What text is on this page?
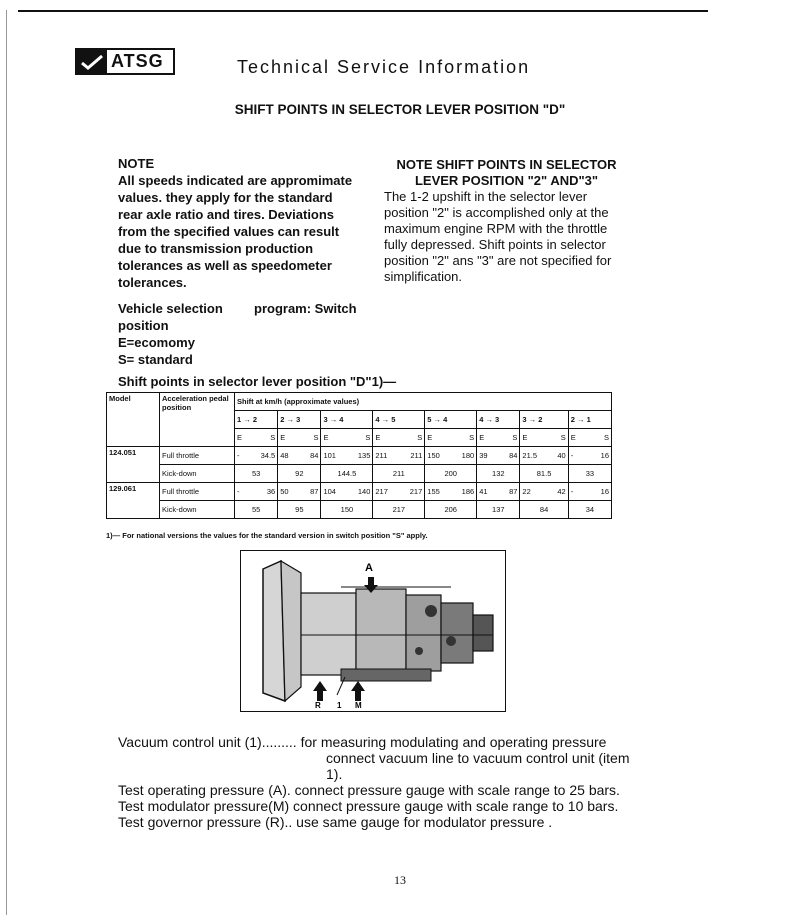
ATSG	Technical Service Information
SHIFT POINTS IN SELECTOR LEVER POSITION "D"
NOTE
All speeds indicated are appromimate
values. they apply for the standard
rear axle ratio and tires. Deviations
from the specified values can result
due to transmission production
tolerances as well as speedometer
tolerances.
NOTE SHIFT POINTS IN SELECTOR
LEVER POSITION "2" AND"3"
The 1-2 upshift in the selector lever
position "2" is accomplished only at the
maximum engine RPM with the throttle
fully depressed. Shift points in selector
position "2" ans "3" are not specified for
simplification.
Vehicle selection	program: Switch
position
E=ecomomy
S= standard
Shift points in selector lever position "D"1)—
Model	Acceleration pedal position	Shift at km/h (approximate values)							
		1 → 2	2 → 3	3 → 4	4 → 5	5 → 4	4 → 3	3 → 2	2 → 1

		E S	E S	E S	E S	E S	E S	E S	E S

124.051	Full throttle	- 34.5	48 84	101 135	211 211	150 180	39 84	21.5 40	- 16

	Kick-down	53	92	144.5	211	200	132	81.5	33
129.061	Full throttle	- 36	50 87	104 140	217 217	155 186	41 87	22 42	- 16

	Kick-down	55	95	150	217	206	137	84	34
1)— For national versions the values for the standard version in switch position "S" apply.
A
R 1 M
Vacuum control unit (1)......... for measuring modulating and operating pressure
connect vacuum line to vacuum control unit (item 1).
Test operating pressure (A). connect pressure gauge with scale range to 25 bars.
Test modulator pressure(M) connect pressure gauge with scale range to 10 bars.
Test governor pressure (R).. use same gauge for modulator pressure .
13
